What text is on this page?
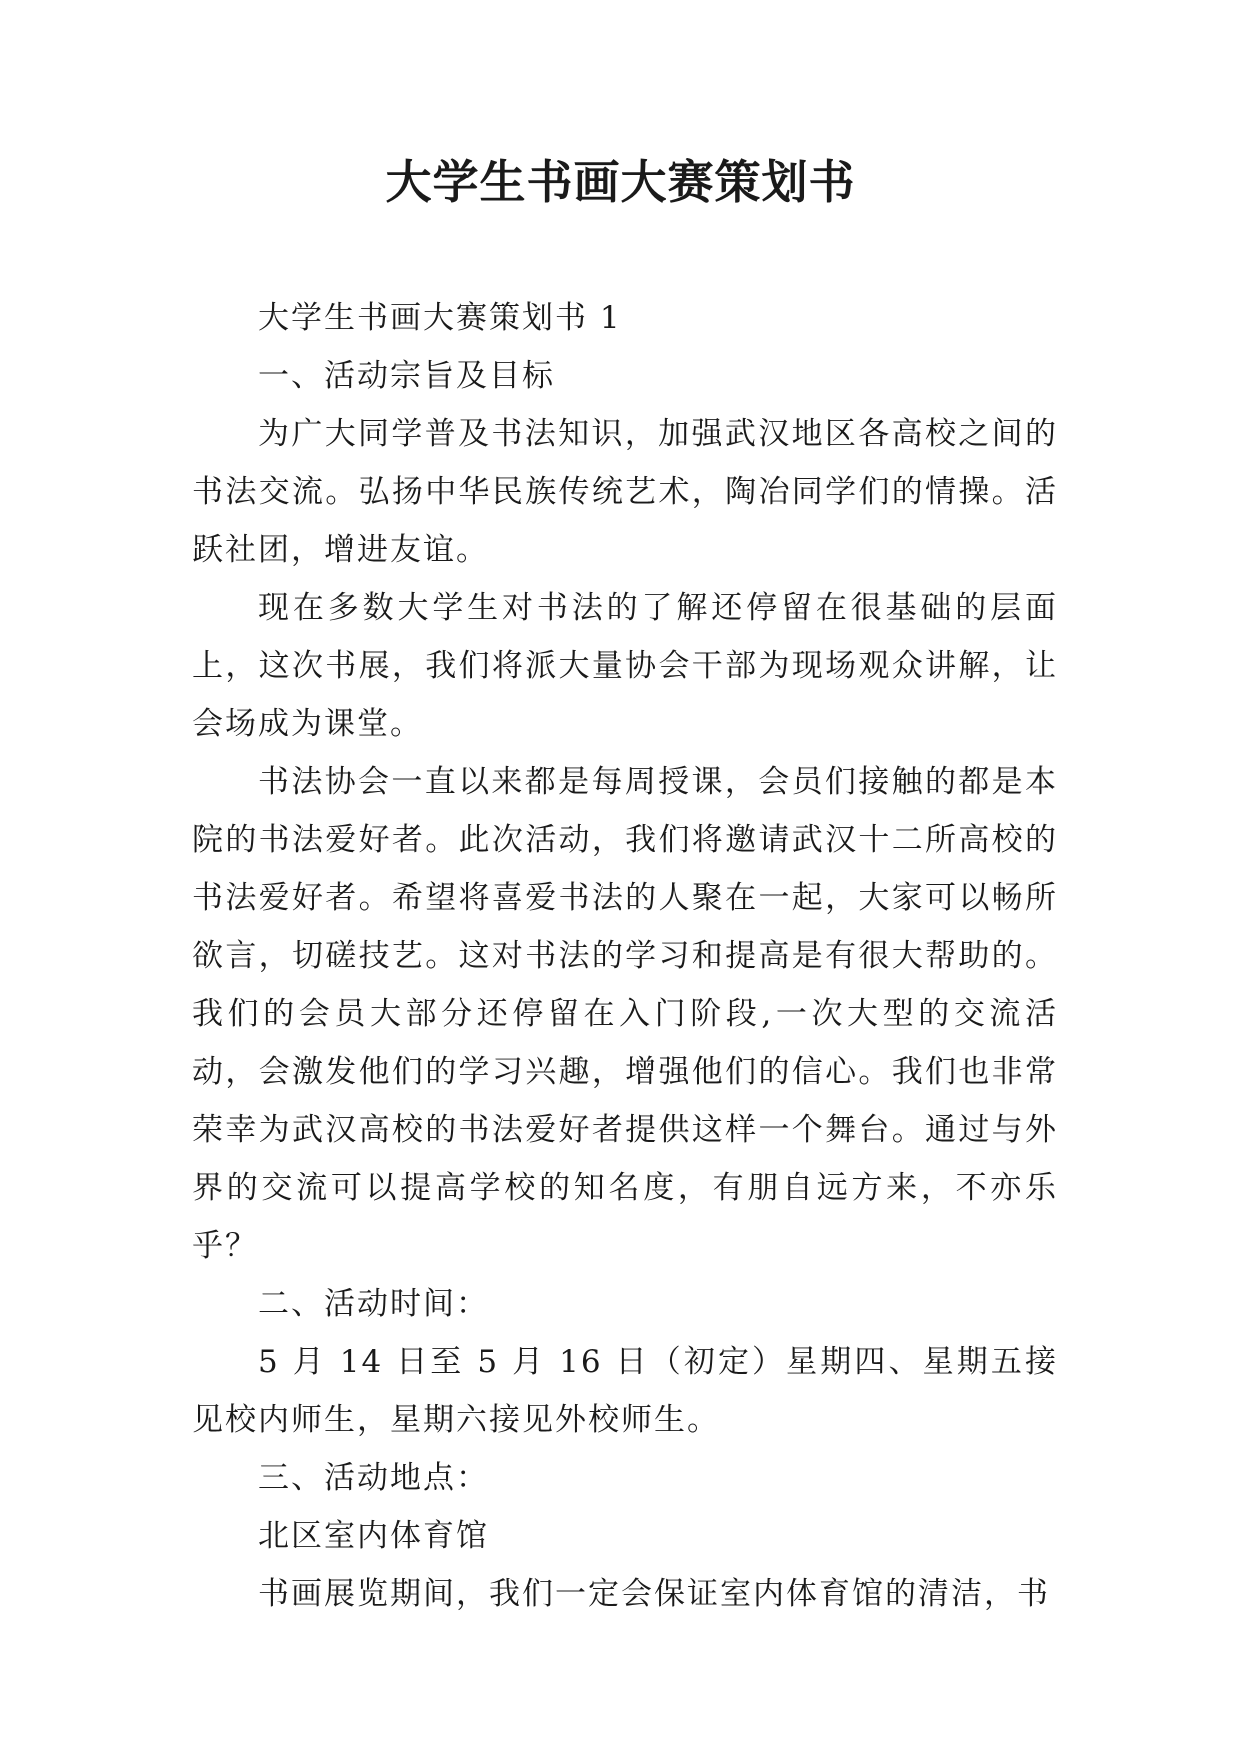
大学生书画大赛策划书

大学生书画大赛策划书 1

一、活动宗旨及目标

为广大同学普及书法知识，加强武汉地区各高校之间的书法交流。弘扬中华民族传统艺术，陶冶同学们的情操。活跃社团，增进友谊。

现在多数大学生对书法的了解还停留在很基础的层面上，这次书展，我们将派大量协会干部为现场观众讲解，让会场成为课堂。

书法协会一直以来都是每周授课，会员们接触的都是本院的书法爱好者。此次活动，我们将邀请武汉十二所高校的书法爱好者。希望将喜爱书法的人聚在一起，大家可以畅所欲言，切磋技艺。这对书法的学习和提高是有很大帮助的。我们的会员大部分还停留在入门阶段,一次大型的交流活动，会激发他们的学习兴趣，增强他们的信心。我们也非常荣幸为武汉高校的书法爱好者提供这样一个舞台。通过与外界的交流可以提高学校的知名度，有朋自远方来，不亦乐乎？

二、活动时间：

5 月 14 日至 5 月 16 日（初定）星期四、星期五接见校内师生，星期六接见外校师生。

三、活动地点：

北区室内体育馆

书画展览期间，我们一定会保证室内体育馆的清洁，书
